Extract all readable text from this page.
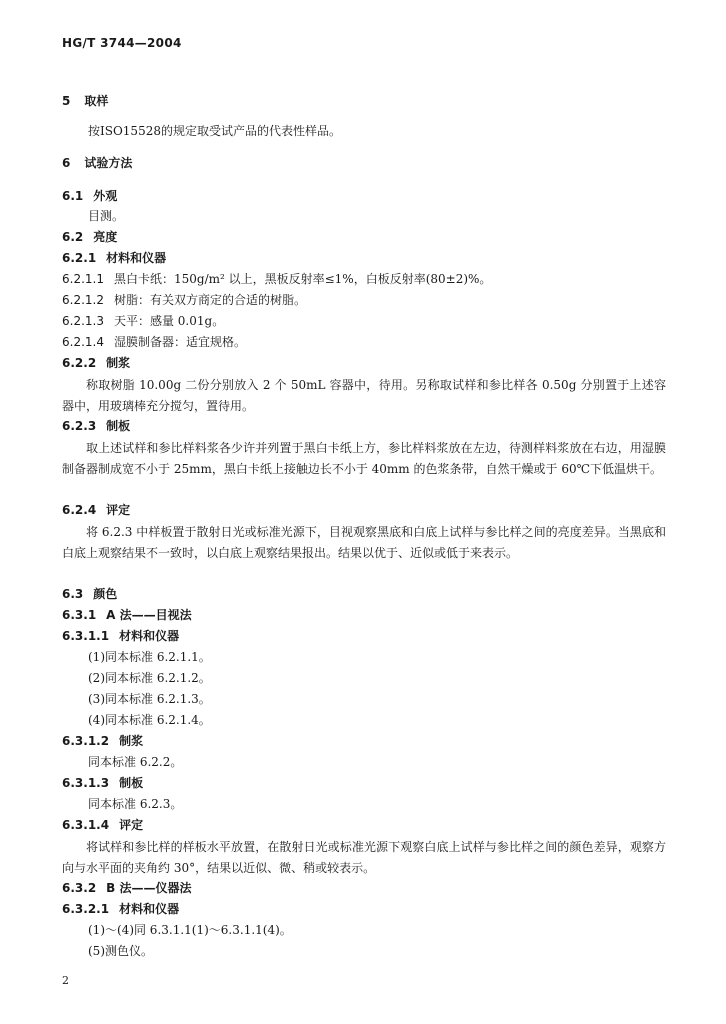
HG/T 3744—2004
5 取样
按ISO15528的规定取受试产品的代表性样品。
6 试验方法
6.1 外观
目测。
6.2 亮度
6.2.1 材料和仪器
6.2.1.1 黑白卡纸：150g/m² 以上，黑板反射率≤1%，白板反射率(80±2)%。
6.2.1.2 树脂：有关双方商定的合适的树脂。
6.2.1.3 天平：感量 0.01g。
6.2.1.4 湿膜制备器：适宜规格。
6.2.2 制浆
6.2.3 制板
6.2.4 评定
6.3 颜色
6.3.1 A 法——目视法
6.3.1.1 材料和仪器
(1)同本标准 6.2.1.1。
(2)同本标准 6.2.1.2。
(3)同本标准 6.2.1.3。
(4)同本标准 6.2.1.4。
6.3.1.2 制浆
同本标准 6.2.2。
6.3.1.3 制板
同本标准 6.2.3。
6.3.1.4 评定
6.3.2 B 法——仪器法
6.3.2.1 材料和仪器
(1)～(4)同 6.3.1.1(1)～6.3.1.1(4)。
(5)测色仪。
称取树脂 10.00g 二份分别放入 2 个 50mL 容器中，待用。另称取试样和参比样各 0.50g 分别置于上述容器中，用玻璃棒充分搅匀，置待用。
取上述试样和参比样料浆各少许并列置于黑白卡纸上方，参比样料浆放在左边，待测样料浆放在右边，用湿膜制备器制成宽不小于 25mm，黑白卡纸上接触边长不小于 40mm 的色浆条带，自然干燥或于 60℃下低温烘干。
将 6.2.3 中样板置于散射日光或标准光源下，目视观察黑底和白底上试样与参比样之间的亮度差异。当黑底和白底上观察结果不一致时，以白底上观察结果报出。结果以优于、近似或低于来表示。
将试样和参比样的样板水平放置，在散射日光或标准光源下观察白底上试样与参比样之间的颜色差异，观察方向与水平面的夹角约 30°，结果以近似、微、稍或较表示。
2
